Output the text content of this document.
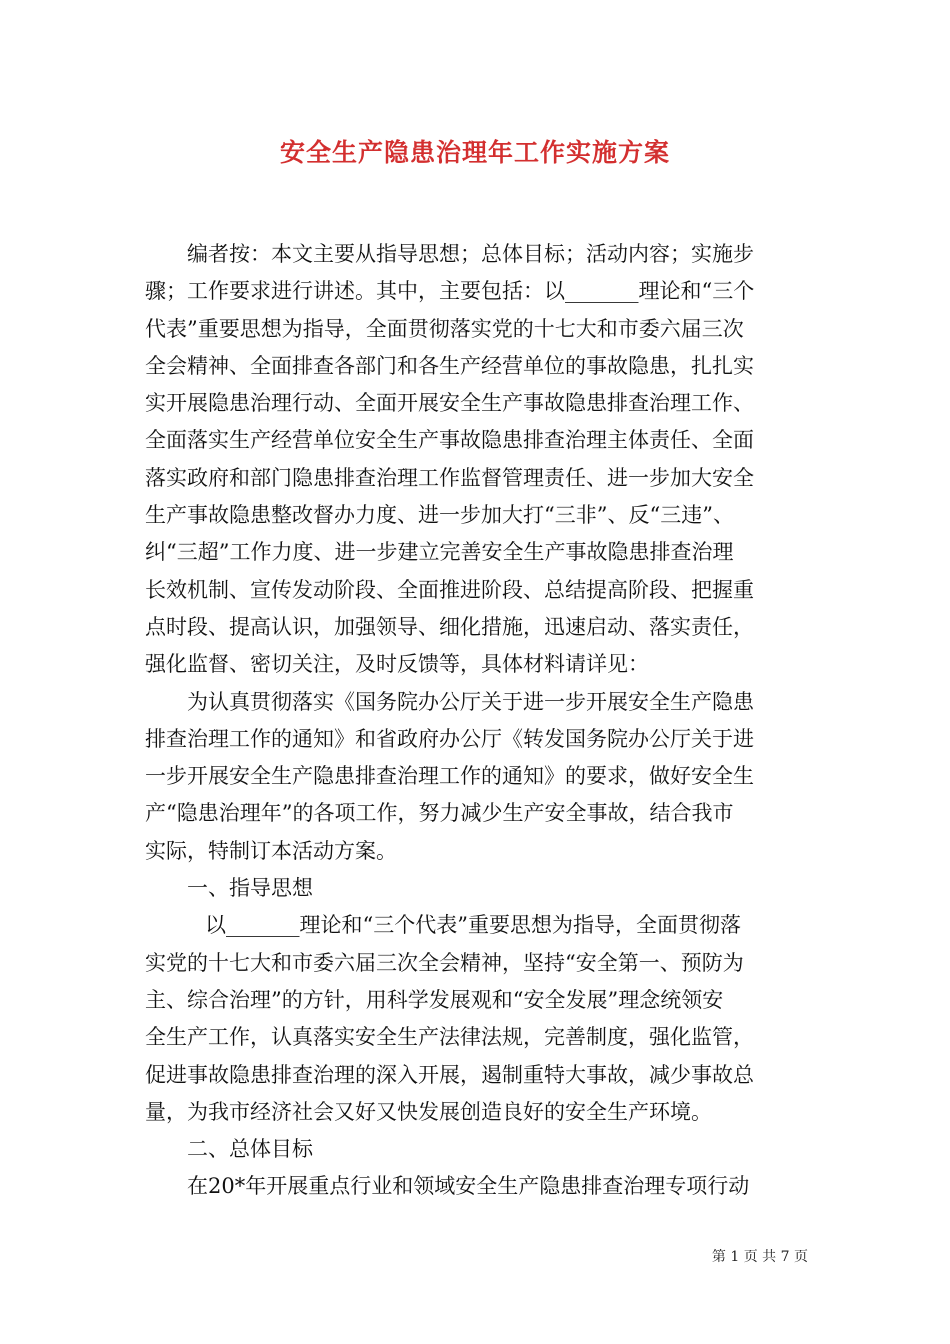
安全生产隐患治理年工作实施方案
编者按：本文主要从指导思想；总体目标；活动内容；实施步
骤；工作要求进行讲述。其中，主要包括：以_______理论和“三个
代表”重要思想为指导，全面贯彻落实党的十七大和市委六届三次
全会精神、全面排查各部门和各生产经营单位的事故隐患，扎扎实
实开展隐患治理行动、全面开展安全生产事故隐患排查治理工作、
全面落实生产经营单位安全生产事故隐患排查治理主体责任、全面
落实政府和部门隐患排查治理工作监督管理责任、进一步加大安全
生产事故隐患整改督办力度、进一步加大打“三非”、反“三违”、
纠“三超”工作力度、进一步建立完善安全生产事故隐患排查治理
长效机制、宣传发动阶段、全面推进阶段、总结提高阶段、把握重
点时段、提高认识，加强领导、细化措施，迅速启动、落实责任，
强化监督、密切关注，及时反馈等，具体材料请详见：
为认真贯彻落实《国务院办公厅关于进一步开展安全生产隐患
排查治理工作的通知》和省政府办公厅《转发国务院办公厅关于进
一步开展安全生产隐患排查治理工作的通知》的要求，做好安全生
产“隐患治理年”的各项工作，努力减少生产安全事故，结合我市
实际，特制订本活动方案。
一、指导思想
以_______理论和“三个代表”重要思想为指导，全面贯彻落
实党的十七大和市委六届三次全会精神，坚持“安全第一、预防为
主、综合治理”的方针，用科学发展观和“安全发展”理念统领安
全生产工作，认真落实安全生产法律法规，完善制度，强化监管，
促进事故隐患排查治理的深入开展，遏制重特大事故，减少事故总
量，为我市经济社会又好又快发展创造良好的安全生产环境。
二、总体目标
在20*年开展重点行业和领域安全生产隐患排查治理专项行动
第 1 页 共 7 页
